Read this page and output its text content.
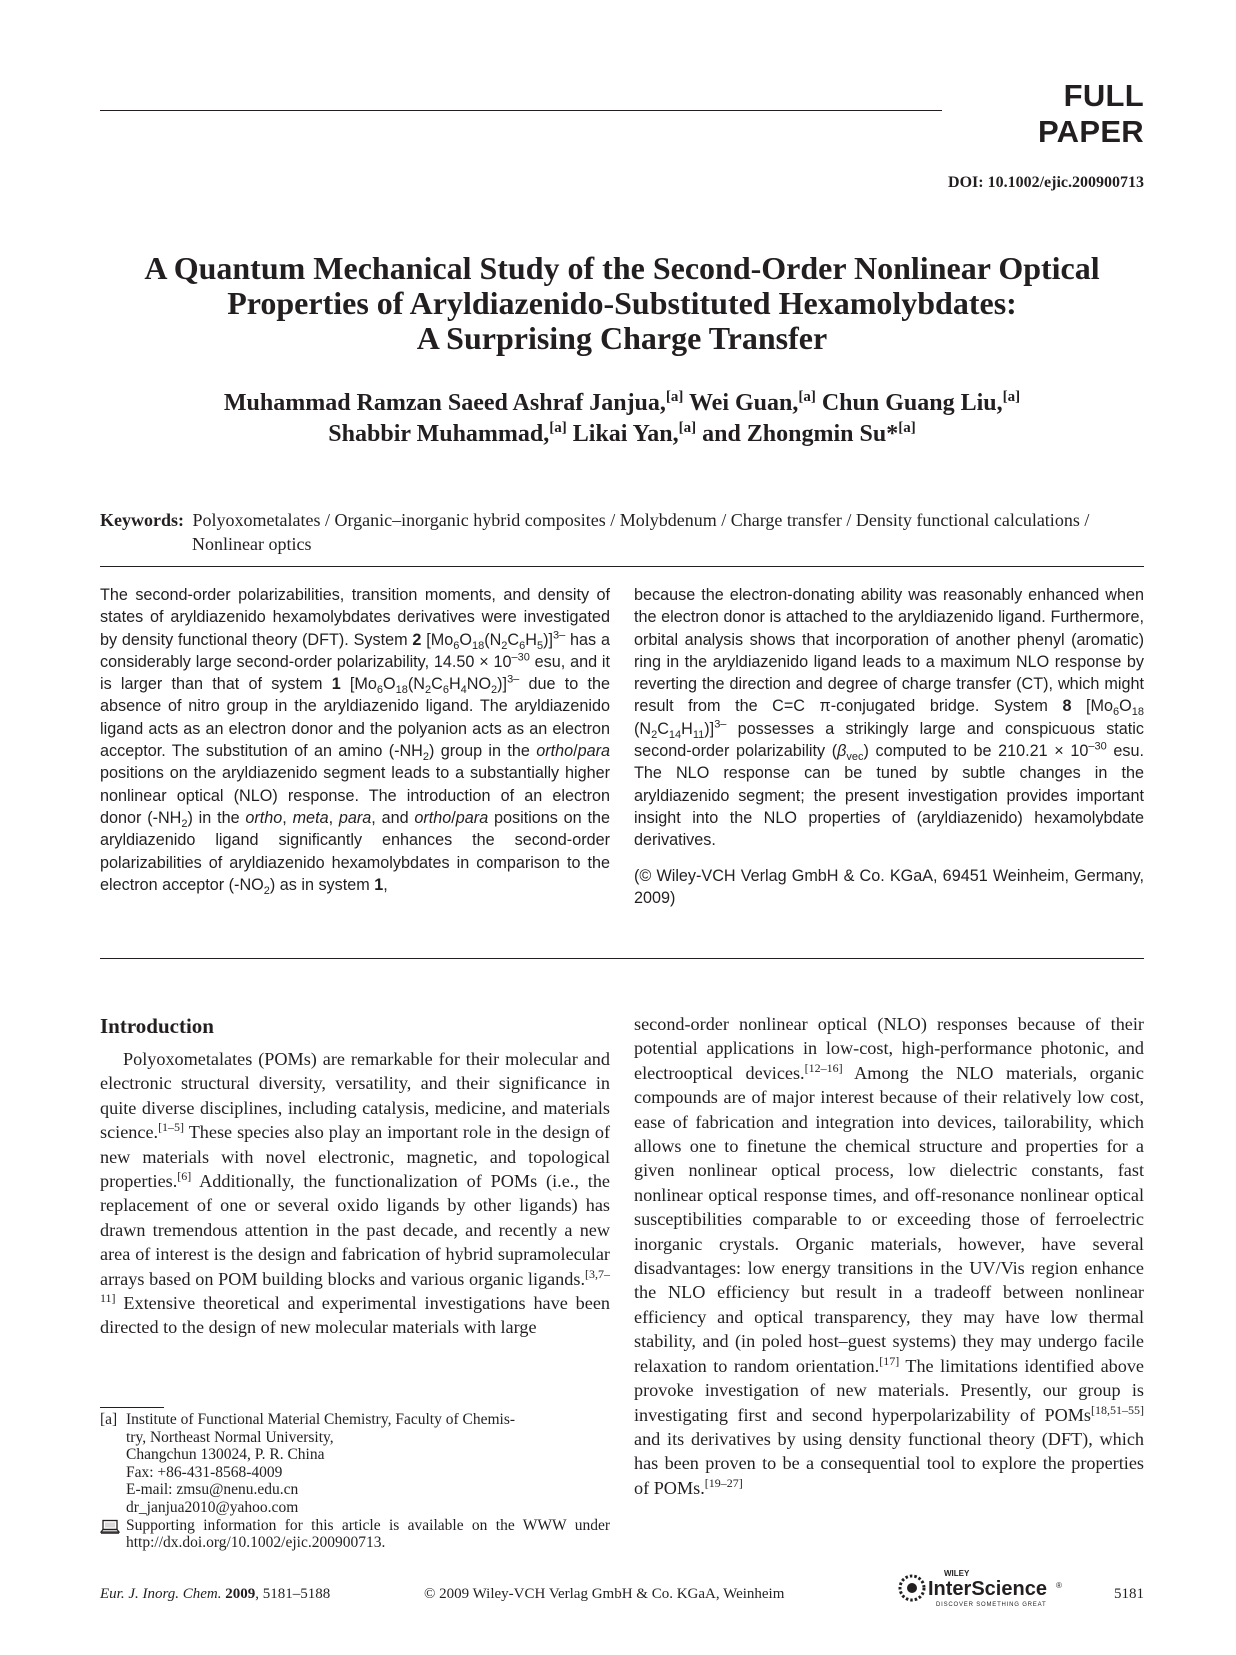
FULL PAPER
DOI: 10.1002/ejic.200900713
A Quantum Mechanical Study of the Second-Order Nonlinear Optical
Properties of Aryldiazenido-Substituted Hexamolybdates:
A Surprising Charge Transfer
Muhammad Ramzan Saeed Ashraf Janjua,[a] Wei Guan,[a] Chun Guang Liu,[a]
Shabbir Muhammad,[a] Likai Yan,[a] and Zhongmin Su*[a]
Keywords: Polyoxometalates / Organic–inorganic hybrid composites / Molybdenum / Charge transfer / Density functional calculations / Nonlinear optics

The second-order polarizabilities, transition moments, and density of states of aryldiazenido hexamolybdates derivatives were investigated by density functional theory (DFT). System 2 $[Mo_6O_{18}(N_2C_6H_5)]^{3-}$ has a considerably large second-order polarizability, $14.50 \times 10^{-30}$ esu, and it is larger than that of system 1 $[Mo_6O_{18}(N_2C_6H_4NO_2)]^{3-}$ due to the absence of nitro group in the aryldiazenido ligand. The aryldiazenido ligand acts as an electron donor and the polyanion acts as an electron acceptor. The substitution of an amino $(-NH_2)$ group in the ortho/para positions on the aryldiazenido segment leads to a substantially higher nonlinear optical (NLO) response. The introduction of an electron donor $(-NH_2)$ in the ortho, meta, para, and ortho/para positions on the aryldiazenido ligand significantly enhances the second-order polarizabilities of aryldiazenido hexamolybdates in comparison to the electron acceptor $(-NO_2)$ as in system 1,

because the electron-donating ability was reasonably enhanced when the electron donor is attached to the aryldiazenido ligand. Furthermore, orbital analysis shows that incorporation of another phenyl (aromatic) ring in the aryldiazenido ligand leads to a maximum NLO response by reverting the direction and degree of charge transfer (CT), which might result from the C=C π-conjugated bridge. System 8 [$Mo_6O_{18}$ $(N_2C_{14}H_{11})]^{3-}$ possesses a strikingly large and conspicuous static second-order polarizability $(\beta_{vec})$ computed to be $210.21 \times 10^{-30}$ esu. The NLO response can be tuned by subtle changes in the aryldiazenido segment; the present investigation provides important insight into the NLO properties of (aryldiazenido) hexamolybdate derivatives.

(© Wiley-VCH Verlag GmbH & Co. KGaA, 69451 Weinheim, Germany, 2009)

Introduction

Polyoxometalates (POMs) are remarkable for their molecular and electronic structural diversity, versatility, and their significance in quite diverse disciplines, including catalysis, medicine, and materials science.[1–5] These species also play an important role in the design of new materials with novel electronic, magnetic, and topological properties.[6] Additionally, the functionalization of POMs (i.e., the replacement of one or several oxido ligands by other ligands) has drawn tremendous attention in the past decade, and recently a new area of interest is the design and fabrication of hybrid supramolecular arrays based on POM building blocks and various organic ligands.[3,7–11] Extensive theoretical and experimental investigations have been directed to the design of new molecular materials with large

second-order nonlinear optical (NLO) responses because of their potential applications in low-cost, high-performance photonic, and electrooptical devices.[12–16] Among the NLO materials, organic compounds are of major interest because of their relatively low cost, ease of fabrication and integration into devices, tailorability, which allows one to finetune the chemical structure and properties for a given nonlinear optical process, low dielectric constants, fast nonlinear optical response times, and off-resonance nonlinear optical susceptibilities comparable to or exceeding those of ferroelectric inorganic crystals. Organic materials, however, have several disadvantages: low energy transitions in the UV/Vis region enhance the NLO efficiency but result in a tradeoff between nonlinear efficiency and optical transparency, they may have low thermal stability, and (in poled host–guest systems) they may undergo facile relaxation to random orientation.[17] The limitations identified above provoke investigation of new materials. Presently, our group is investigating first and second hyperpolarizability of POMs[18,51–55] and its derivatives by using density functional theory (DFT), which has been proven to be a consequential tool to explore the properties of POMs.[19–27]

[a] Institute of Functional Material Chemistry, Faculty of Chemis-
try, Northeast Normal University,
Changchun 130024, P. R. China
Fax: +86-431-8568-4009
E-mail: zmsu@nenu.edu.cn
dr_janjua2010@yahoo.com
Supporting information for this article is available on the WWW under http://dx.doi.org/10.1002/ejic.200900713.
Eur. J. Inorg. Chem. 2009, 5181–5188	© 2009 Wiley-VCH Verlag GmbH & Co. KGaA, Weinheim
WILEY
InterScience ®
DISCOVER SOMETHING GREAT
5181
